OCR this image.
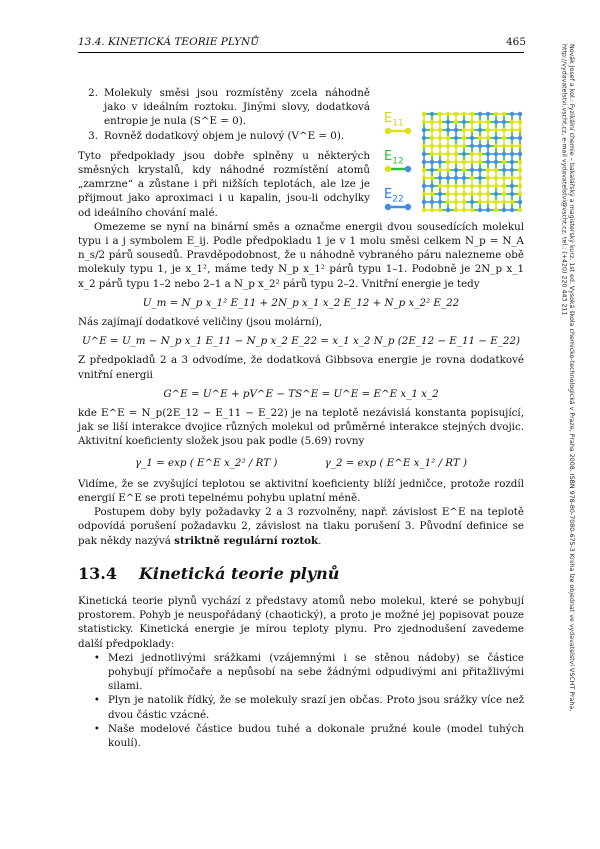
13.4. KINETICKÁ TEORIE PLYNŮ	465
Novák Josef a kol.: Fyzikální chemie – bakalářský a magisterský kurz. 1st ed. Vysoká škola chemicko-technologická v Praze, Praha 2008. ISBN 978-80-7080-675-3 Kniha lze objednat ve vydavatelství VŠCHT Praha, http://vydavatelstvi.vscht.cz, e-mail vydavatelstvi@vscht.cz, tel.: (+420) 220 443 211
$E_{11}$
$E_{12}$
$E_{22}$
2. Molekuly směsi jsou rozmístěny zcela náhodně jako v ideálním roztoku. Jinými slovy, dodatková entropie je nula (S^E = 0).
3. Rovněž dodatkový objem je nulový (V^E = 0).

Tyto předpoklady jsou dobře splněny u některých směsných krystalů, kdy náhodné rozmístění atomů „zamrzne“ a zůstane i při nižších teplotách, ale lze je přijmout jako aproximaci i u kapalin, jsou-li odchylky od ideálního chování malé.

Omezeme se nyní na binární směs a označme energii dvou sousedících molekul typu i a j symbolem E_ij. Podle předpokladu 1 je v 1 molu směsi celkem N_p = N_A n_s/2 párů sousedů. Pravděpodobnost, že u náhodně vybraného páru nalezneme obě molekuly typu 1, je x_1², máme tedy N_p x_1² párů typu 1–1. Podobně je 2N_p x_1 x_2 párů typu 1–2 nebo 2–1 a N_p x_2² párů typu 2–2. Vnitřní energie je tedy

U_m = N_p x_1² E_11 + 2N_p x_1 x_2 E_12 + N_p x_2² E_22

Nás zajímají dodatkové veličiny (jsou molární),

U^E = U_m − N_p x_1 E_11 − N_p x_2 E_22 = x_1 x_2 N_p (2E_12 − E_11 − E_22)

Z předpokladů 2 a 3 odvodíme, že dodatková Gibbsova energie je rovna dodatkové vnitřní energii

G^E = U^E + pV^E − TS^E = U^E = E^E x_1 x_2

kde E^E = N_p(2E_12 − E_11 − E_22) je na teplotě nezávislá konstanta popisující, jak se liší interakce dvojice různých molekul od průměrné interakce stejných dvojic. Aktivitní koeficienty složek jsou pak podle (5.69) rovny

γ_1 = exp ( E^E x_2² / RT )	γ_2 = exp ( E^E x_1² / RT )

Vidíme, že se zvyšující teplotou se aktivitní koeficienty blíží jedničce, protože rozdíl energií E^E se proti tepelnému pohybu uplatní méně.

Postupem doby byly požadavky 2 a 3 rozvolněny, např. závislost E^E na teplotě odpovídá porušení požadavku 2, závislost na tlaku porušení 3. Původní definice se pak někdy nazývá striktně regulární roztok.

13.4 Kinetická teorie plynů

Kinetická teorie plynů vychází z představy atomů nebo molekul, které se pohybují prostorem. Pohyb je neuspořádaný (chaotický), a proto je možné jej popisovat pouze statisticky. Kinetická energie je mírou teploty plynu. Pro zjednodušení zavedeme další předpoklady:

• Mezi jednotlivými srážkami (vzájemnými i se stěnou nádoby) se částice pohybují přímočaře a nepůsobí na sebe žádnými odpudivými ani přitažlivými silami.
• Plyn je natolik řídký, že se molekuly srazí jen občas. Proto jsou srážky více než dvou částic vzácné.
• Naše modelové částice budou tuhé a dokonale pružné koule (model tuhých koulí).
